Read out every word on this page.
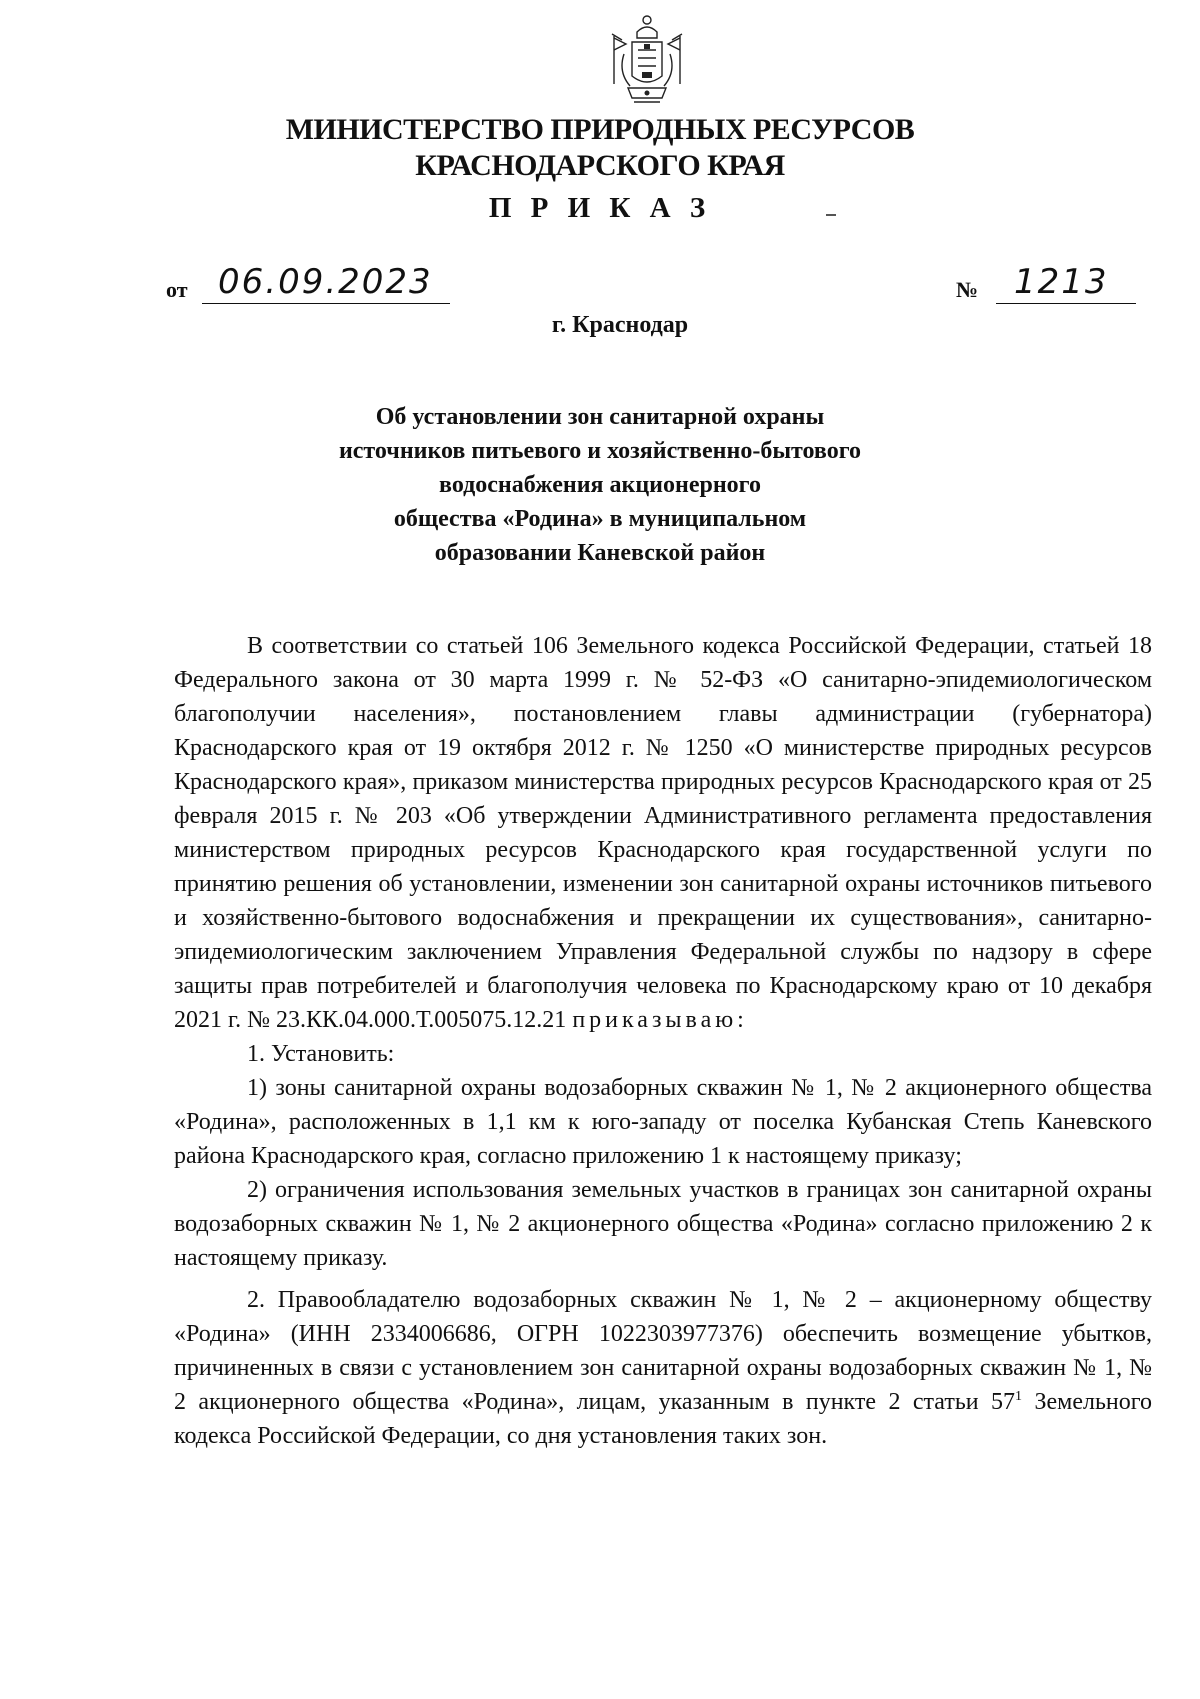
МИНИСТЕРСТВО ПРИРОДНЫХ РЕСУРСОВ
КРАСНОДАРСКОГО КРАЯ
П Р И К А З
от 06.09.2023	№ 1213
г. Краснодар
Об установлении зон санитарной охраны
источников питьевого и хозяйственно-бытового
водоснабжения акционерного
общества «Родина» в муниципальном
образовании Каневской район

В соответствии со статьей 106 Земельного кодекса Российской Федерации, статьей 18 Федерального закона от 30 марта 1999 г. № 52-ФЗ «О санитарно-эпидемиологическом благополучии населения», постановлением главы администрации (губернатора) Краснодарского края от 19 октября 2012 г. № 1250 «О министерстве природных ресурсов Краснодарского края», приказом министерства природных ресурсов Краснодарского края от 25 февраля 2015 г. № 203 «Об утверждении Административного регламента предоставления министерством природных ресурсов Краснодарского края государственной услуги по принятию решения об установлении, изменении зон санитарной охраны источников питьевого и хозяйственно-бытового водоснабжения и прекращении их существования», санитарно-эпидемиологическим заключением Управления Федеральной службы по надзору в сфере защиты прав потребителей и благополучия человека по Краснодарскому краю от 10 декабря 2021 г. № 23.КК.04.000.Т.005075.12.21 приказываю:

1. Установить:

1) зоны санитарной охраны водозаборных скважин № 1, № 2 акционерного общества «Родина», расположенных в 1,1 км к юго-западу от поселка Кубанская Степь Каневского района Краснодарского края, согласно приложению 1 к настоящему приказу;

2) ограничения использования земельных участков в границах зон санитарной охраны водозаборных скважин № 1, № 2 акционерного общества «Родина» согласно приложению 2 к настоящему приказу.

2. Правообладателю водозаборных скважин № 1, № 2 – акционерному обществу «Родина» (ИНН 2334006686, ОГРН 1022303977376) обеспечить возмещение убытков, причиненных в связи с установлением зон санитарной охраны водозаборных скважин № 1, № 2 акционерного общества «Родина», лицам, указанным в пункте 2 статьи $57^1$ Земельного кодекса Российской Федерации, со дня установления таких зон.
